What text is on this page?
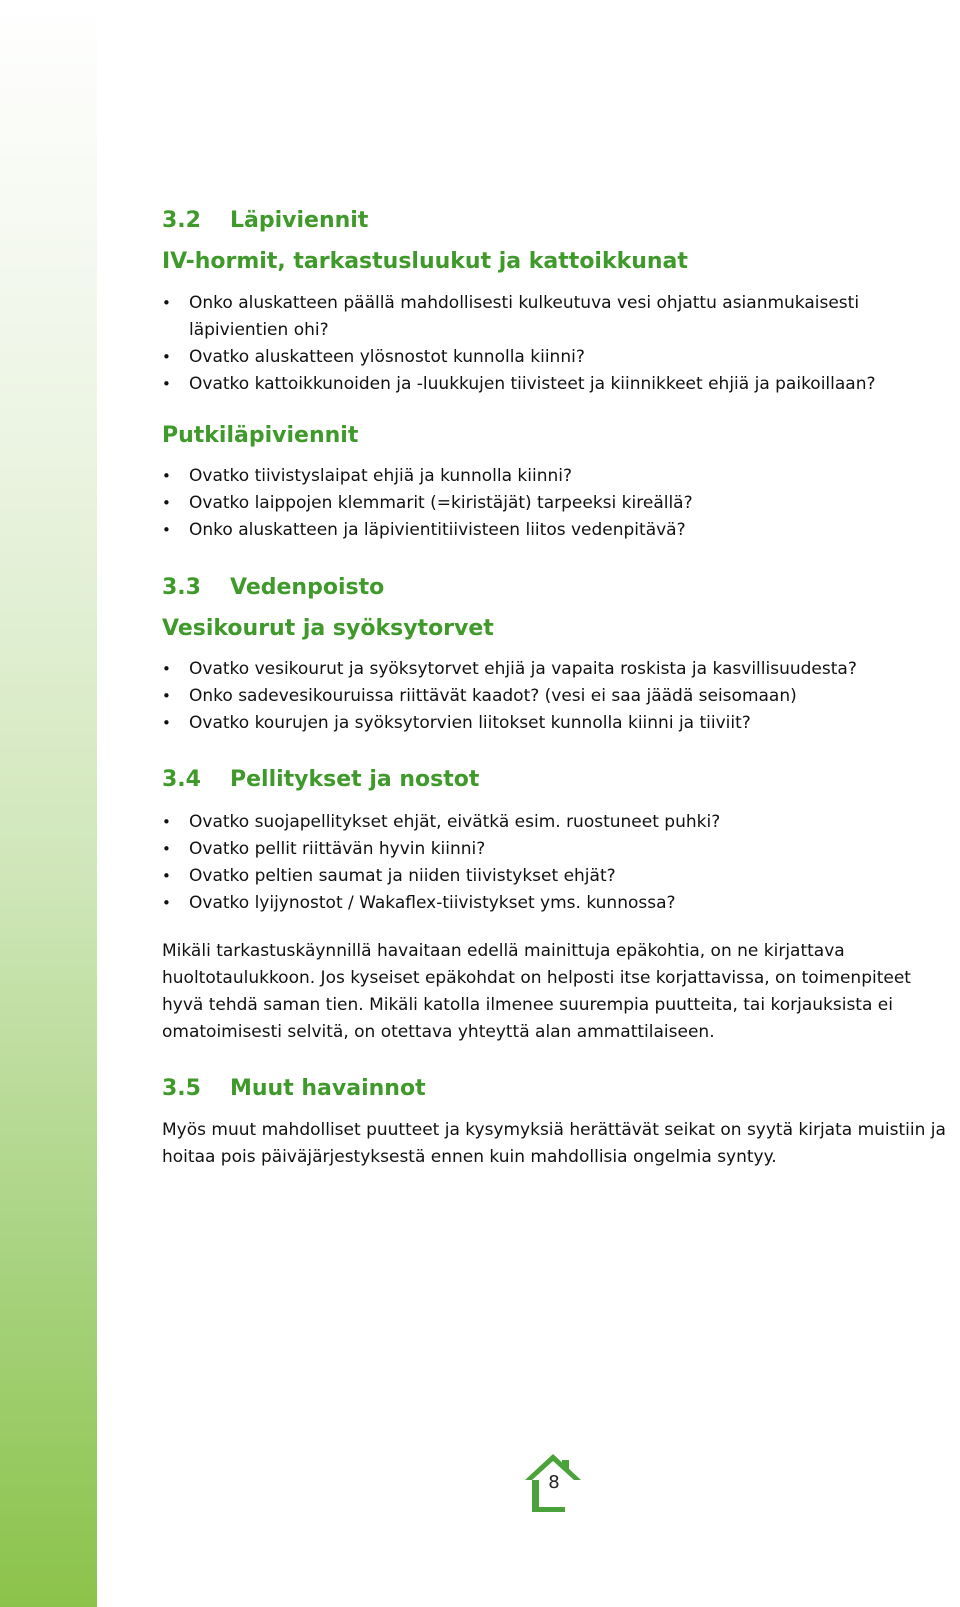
3.2	Läpiviennit
IV-hormit, tarkastusluukut ja kattoikkunat
• Onko aluskatteen päällä mahdollisesti kulkeutuva vesi ohjattu asianmukaisesti läpivientien ohi?
• Ovatko aluskatteen ylösnostot kunnolla kiinni?
• Ovatko kattoikkunoiden ja -luukkujen tiivisteet ja kiinnikkeet ehjiä ja paikoillaan?
Putkiläpiviennit
• Ovatko tiivistyslaipat ehjiä ja kunnolla kiinni?
• Ovatko laippojen klemmarit (=kiristäjät) tarpeeksi kireällä?
• Onko aluskatteen ja läpivientitiivisteen liitos vedenpitävä?
3.3	Vedenpoisto
Vesikourut ja syöksytorvet
• Ovatko vesikourut ja syöksytorvet ehjiä ja vapaita roskista ja kasvillisuudesta?
• Onko sadevesikouruissa riittävät kaadot? (vesi ei saa jäädä seisomaan)
• Ovatko kourujen ja syöksytorvien liitokset kunnolla kiinni ja tiiviit?
3.4	Pellitykset ja nostot
• Ovatko suojapellitykset ehjät, eivätkä esim. ruostuneet puhki?
• Ovatko pellit riittävän hyvin kiinni?
• Ovatko peltien saumat ja niiden tiivistykset ehjät?
• Ovatko lyijynostot / Wakaflex-tiivistykset yms. kunnossa?

Mikäli tarkastuskäynnillä havaitaan edellä mainittuja epäkohtia, on ne kirjattava huoltotaulukkoon. Jos kyseiset epäkohdat on helposti itse korjattavissa, on toimenpiteet hyvä tehdä saman tien. Mikäli katolla ilmenee suurempia puutteita, tai korjauksista ei omatoimisesti selvitä, on otettava yhteyttä alan ammattilaiseen.

3.5	Muut havainnot

Myös muut mahdolliset puutteet ja kysymyksiä herättävät seikat on syytä kirjata muistiin ja hoitaa pois päiväjärjestyksestä ennen kuin mahdollisia ongelmia syntyy.

8
